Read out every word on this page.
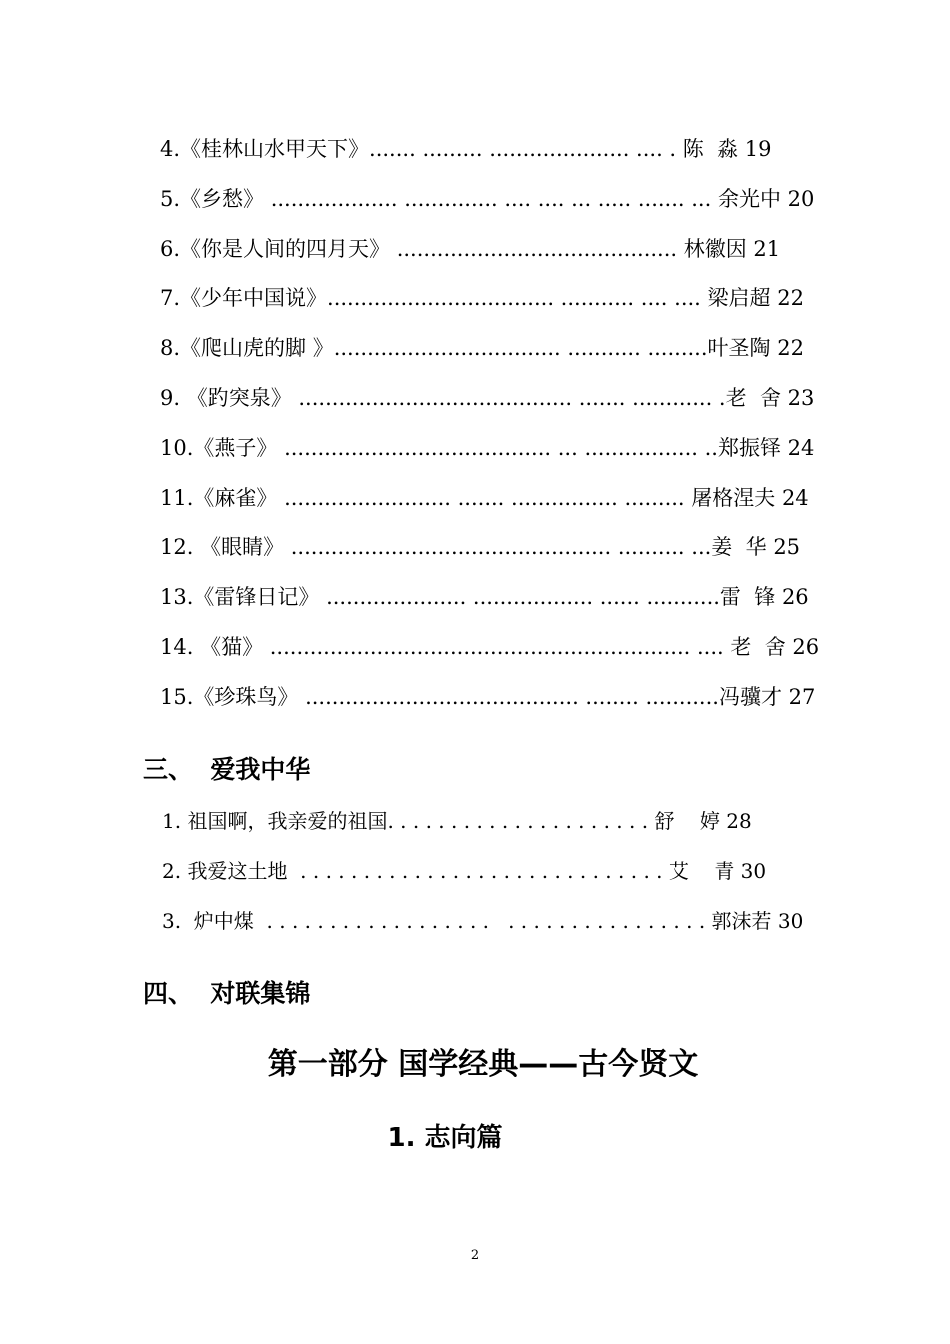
4.《桂林山水甲天下》....... ......... ..................... .... . 陈  淼 19
5.《乡愁》 ................... .............. .... .... ... ..... ....... ... 余光中 20
6.《你是人间的四月天》 .......................................... 林徽因 21
7.《少年中国说》.................................. ........... .... .... 梁启超 22
8.《爬山虎的脚 》.................................. ........... .........叶圣陶 22
9. 《趵突泉》 ......................................... ....... ............ .老  舍 23
10.《燕子》 ........................................ ... ................. ..郑振铎 24
11.《麻雀》 ......................... ....... ................ ......... 屠格涅夫 24
12. 《眼睛》 ................................................ .......... ...姜  华 25
13.《雷锋日记》 ..................... .................. ...... ...........雷  锋 26
14. 《猫》 ............................................................... .... 老  舍 26
15.《珍珠鸟》 ......................................... ........ ...........冯骥才 27
三、  爱我中华
1. 祖国啊，我亲爱的祖国. . . . . . . . . . . . . . . . . . . . . 舒    婷 28
2. 我爱这土地  . . . . . . . . . . . . . . . . . . . . . . . . . . . . . 艾    青 30
3.  炉中煤  . . . . . . . . . . . . . . . . . .   . . . . . . . . . . . . . . . . 郭沫若 30
四、  对联集锦
第一部分 国学经典——古今贤文
1. 志向篇
2
